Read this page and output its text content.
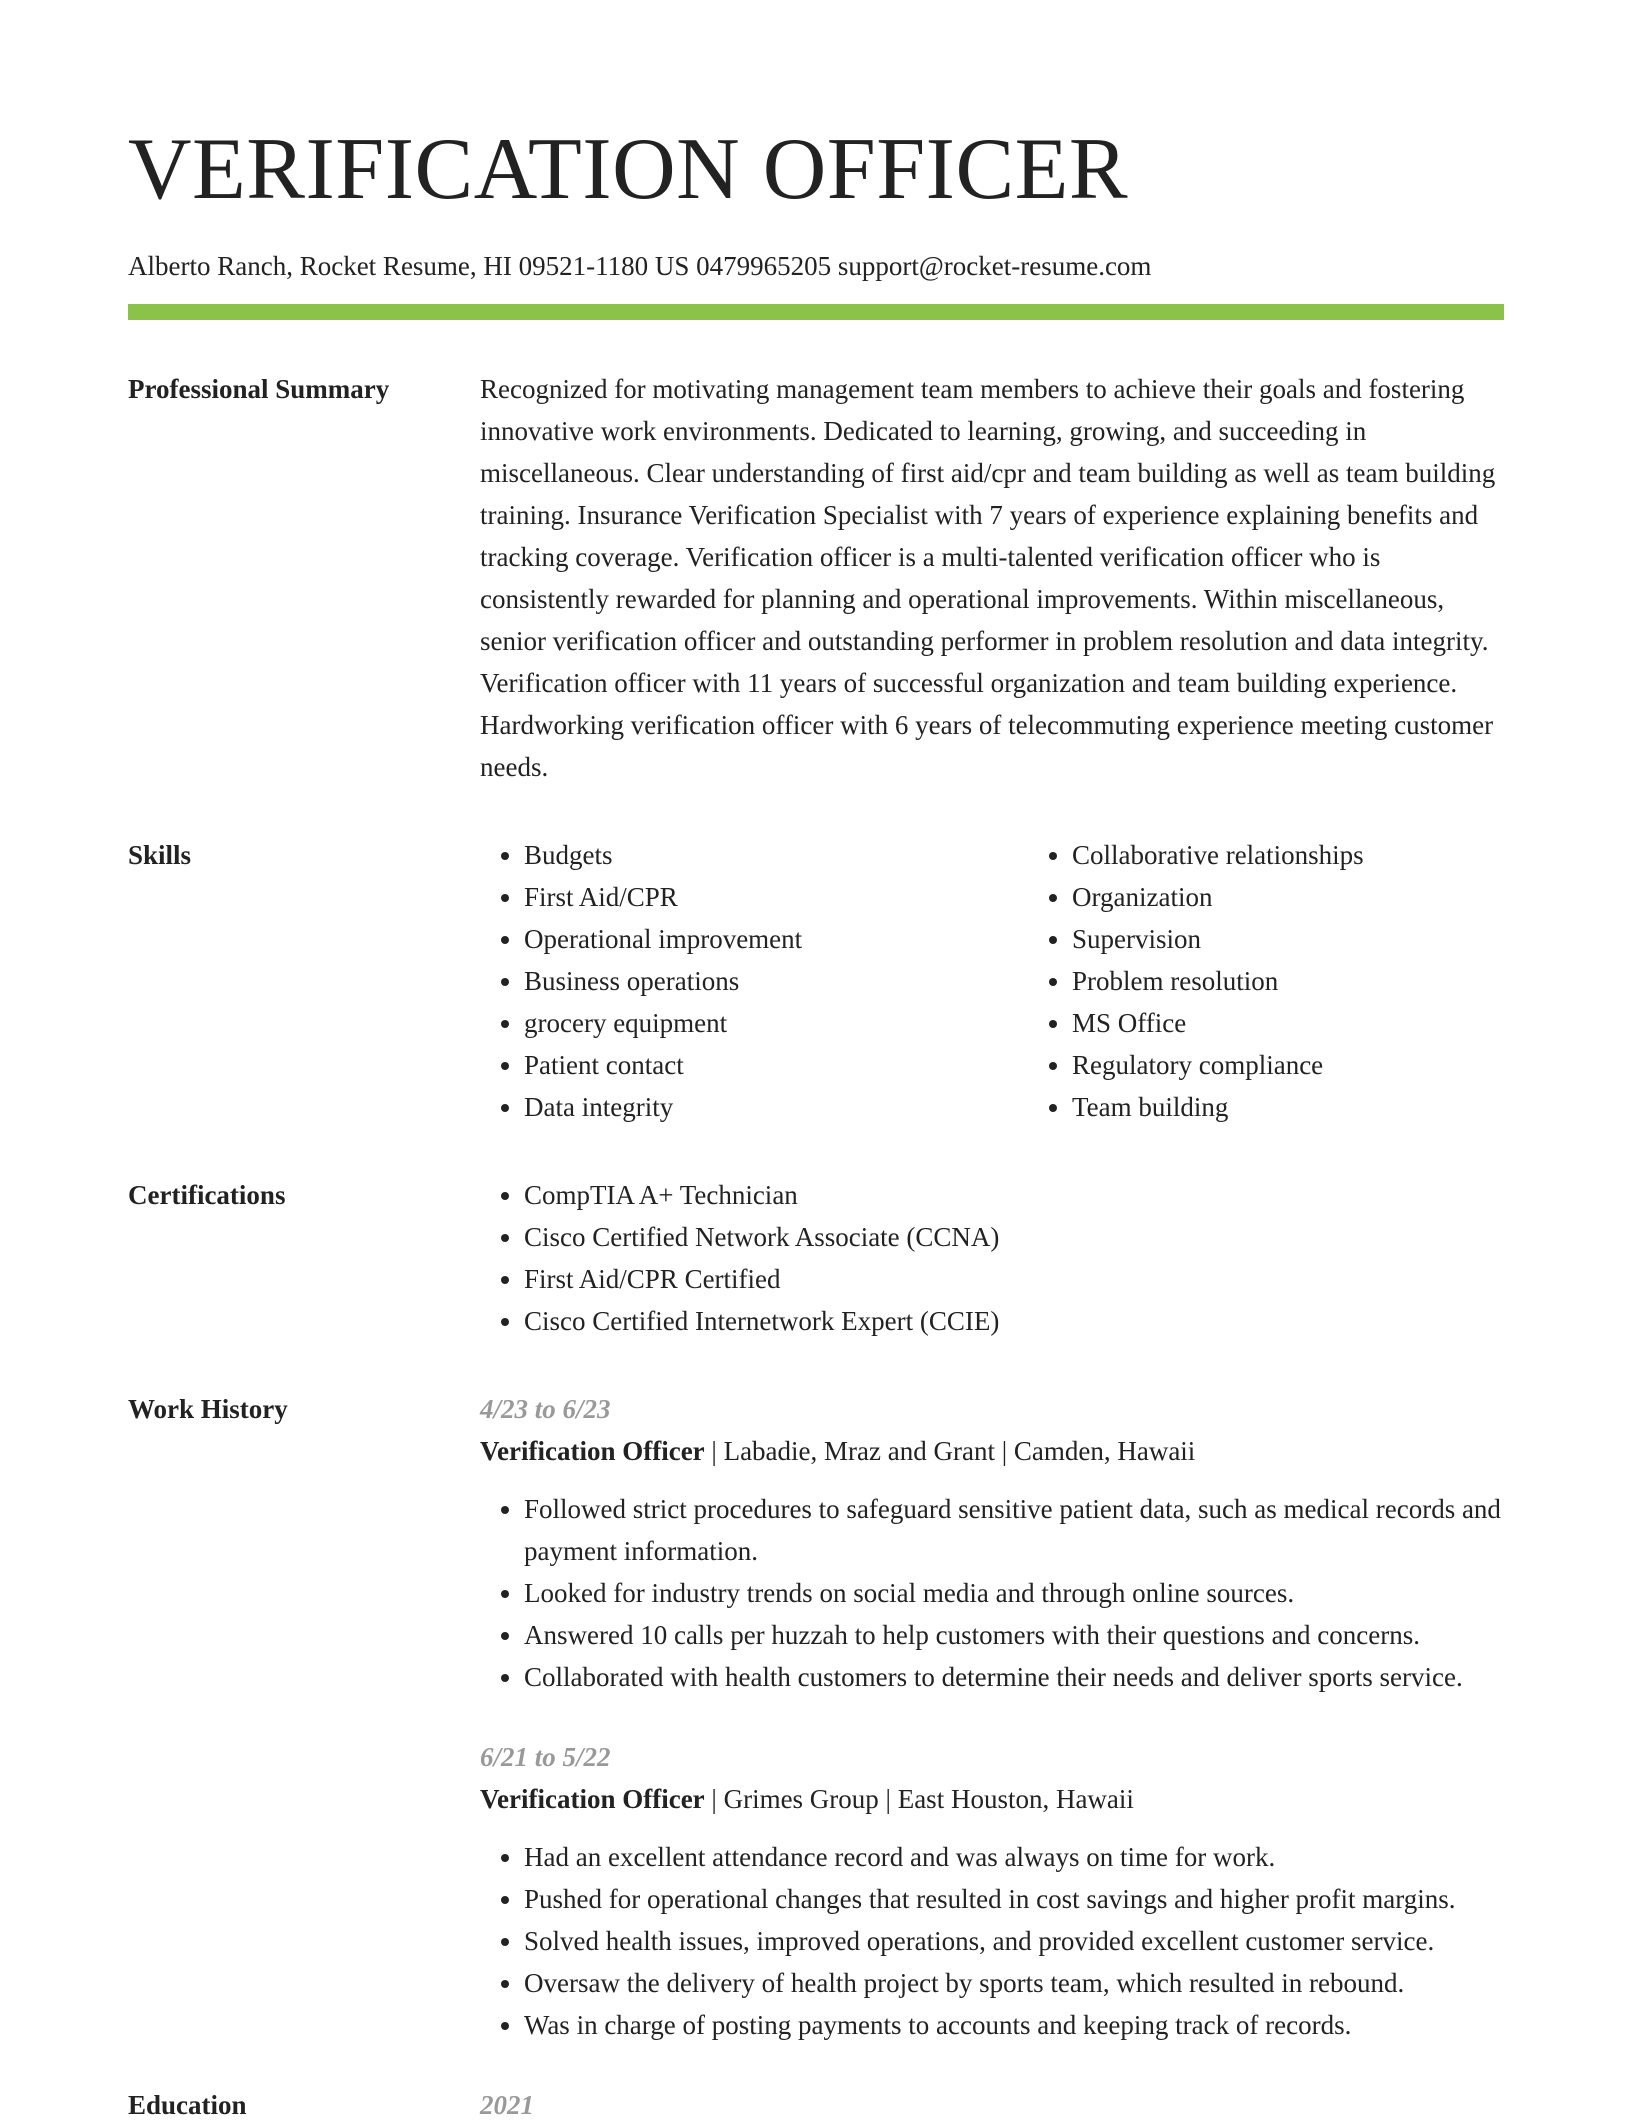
VERIFICATION OFFICER
Alberto Ranch, Rocket Resume, HI 09521-1180 US 0479965205 support@rocket-resume.com
Professional Summary	Recognized for motivating management team members to achieve their goals and fostering innovative work environments. Dedicated to learning, growing, and succeeding in miscellaneous. Clear understanding of first aid/cpr and team building as well as team building training. Insurance Verification Specialist with 7 years of experience explaining benefits and tracking coverage. Verification officer is a multi-talented verification officer who is consistently rewarded for planning and operational improvements. Within miscellaneous, senior verification officer and outstanding performer in problem resolution and data integrity. Verification officer with 11 years of successful organization and team building experience. Hardworking verification officer with 6 years of telecommuting experience meeting customer needs.

Skills	• Budgets
• First Aid/CPR
• Operational improvement
• Business operations
• grocery equipment
• Patient contact
• Data integrity
• Collaborative relationships
• Organization
• Supervision
• Problem resolution
• MS Office
• Regulatory compliance
• Team building
Certifications	• CompTIA A+ Technician
• Cisco Certified Network Associate (CCNA)
• First Aid/CPR Certified
• Cisco Certified Internetwork Expert (CCIE)
Work History	4/23 to 6/23
Verification Officer | Labadie, Mraz and Grant | Camden, Hawaii
• Followed strict procedures to safeguard sensitive patient data, such as medical records and payment information.
• Looked for industry trends on social media and through online sources.
• Answered 10 calls per huzzah to help customers with their questions and concerns.
• Collaborated with health customers to determine their needs and deliver sports service.
6/21 to 5/22
Verification Officer | Grimes Group | East Houston, Hawaii
• Had an excellent attendance record and was always on time for work.
• Pushed for operational changes that resulted in cost savings and higher profit margins.
• Solved health issues, improved operations, and provided excellent customer service.
• Oversaw the delivery of health project by sports team, which resulted in rebound.
• Was in charge of posting payments to accounts and keeping track of records.
Education	2021
